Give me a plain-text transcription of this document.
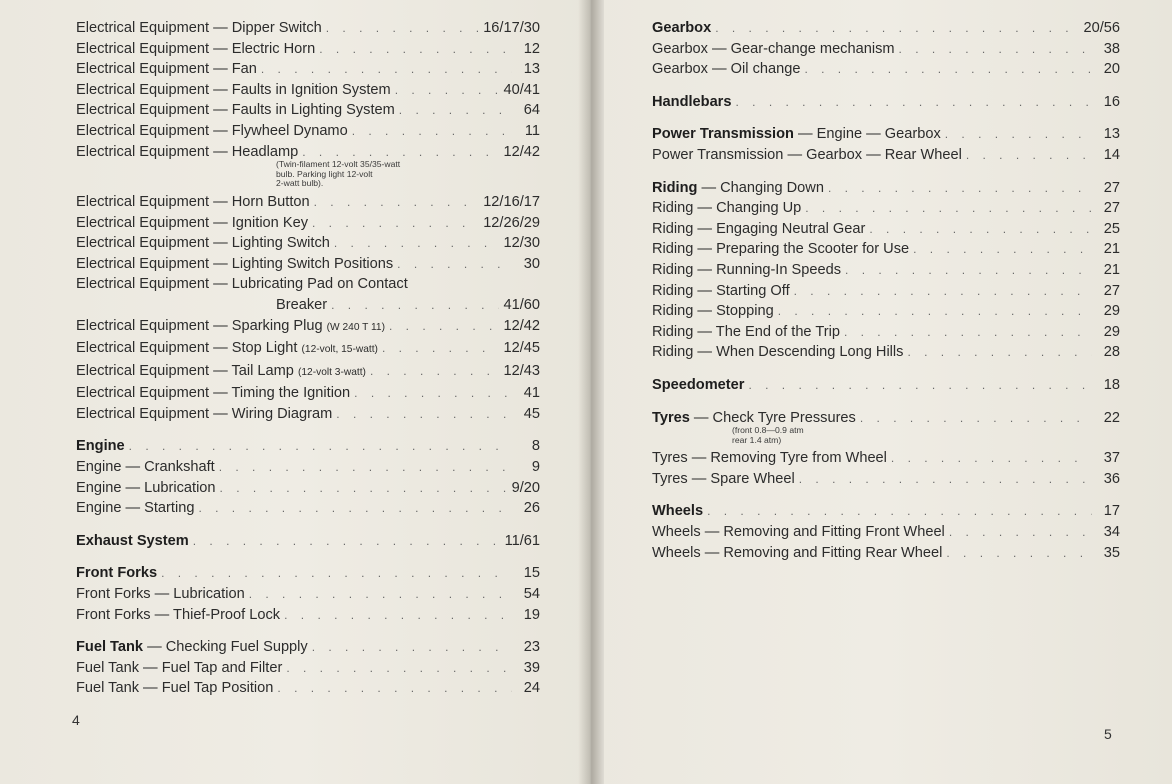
Electrical Equipment — Dipper Switch . . .	16/17/30
Electrical Equipment — Electric Horn . . .	12
Electrical Equipment — Fan . . .	13
Electrical Equipment — Faults in Ignition System . . .	40/41
Electrical Equipment — Faults in Lighting System . . .	64
Electrical Equipment — Flywheel Dynamo . . .	11
Electrical Equipment — Headlamp . . .	12/42
(Twin-filament 12-volt 35/35-watt
bulb. Parking light 12-volt
2-watt bulb).
Electrical Equipment — Horn Button . . .	12/16/17
Electrical Equipment — Ignition Key . . .	12/26/29
Electrical Equipment — Lighting Switch . . .	12/30
Electrical Equipment — Lighting Switch Positions . . .	30
Electrical Equipment — Lubricating Pad on Contact
Breaker . . .	41/60
Electrical Equipment — Sparking Plug (W 240 T 11) . . .	12/42
Electrical Equipment — Stop Light (12-volt, 15-watt) . . .	12/45
Electrical Equipment — Tail Lamp (12-volt 3-watt) . . .	12/43
Electrical Equipment — Timing the Ignition . . .	41
Electrical Equipment — Wiring Diagram . . .	45
Engine . . .	8
Engine — Crankshaft . . .	9
Engine — Lubrication . . .	9/20
Engine — Starting . . .	26
Exhaust System . . .	11/61
Front Forks . . .	15
Front Forks — Lubrication . . .	54
Front Forks — Thief-Proof Lock . . .	19
Fuel Tank — Checking Fuel Supply . . .	23
Fuel Tank — Fuel Tap and Filter . . .	39
Fuel Tank — Fuel Tap Position . . .	24
4
Gearbox . . .	20/56
Gearbox — Gear-change mechanism . . .	38
Gearbox — Oil change . . .	20
Handlebars . . .	16
Power Transmission — Engine — Gearbox . . .	13
Power Transmission — Gearbox — Rear Wheel . . .	14
Riding — Changing Down . . .	27
Riding — Changing Up . . .	27
Riding — Engaging Neutral Gear . . .	25
Riding — Preparing the Scooter for Use . . .	21
Riding — Running-In Speeds . . .	21
Riding — Starting Off . . .	27
Riding — Stopping . . .	29
Riding — The End of the Trip . . .	29
Riding — When Descending Long Hills . . .	28
Speedometer . . .	18
Tyres — Check Tyre Pressures . . .	22
(front 0.8—0.9 atm
rear 1.4 atm)
Tyres — Removing Tyre from Wheel . . .	37
Tyres — Spare Wheel . . .	36
Wheels . . .	17
Wheels — Removing and Fitting Front Wheel . . .	34
Wheels — Removing and Fitting Rear Wheel . . .	35
5
